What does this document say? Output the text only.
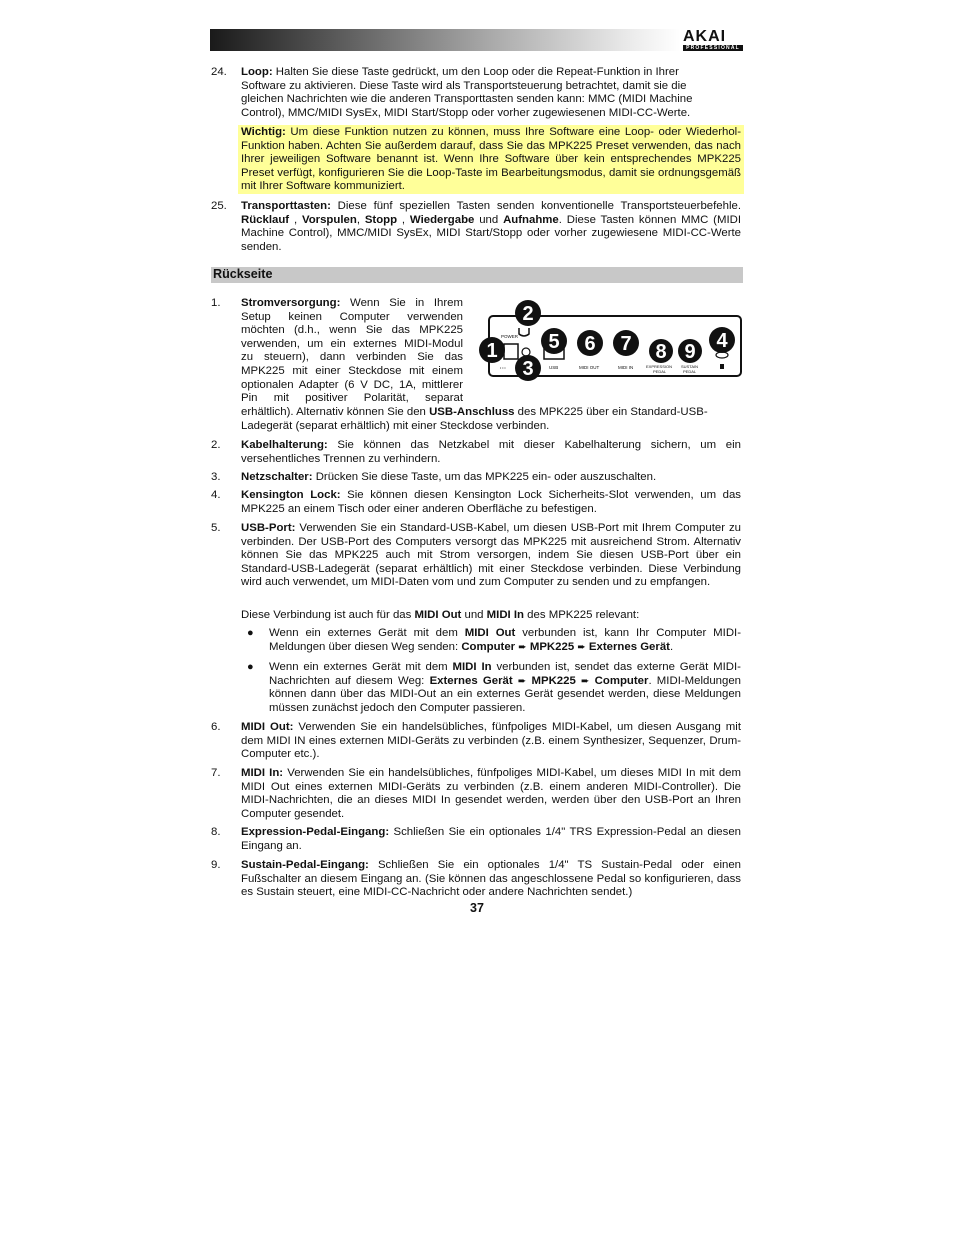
AKAI
PROFESSIONAL
24.	Loop: Halten Sie diese Taste gedrückt, um den Loop oder die Repeat-Funktion in Ihrer
Software zu aktivieren. Diese Taste wird als Transportsteuerung betrachtet, damit sie die
gleichen Nachrichten wie die anderen Transporttasten senden kann: MMC (MIDI Machine
Control), MMC/MIDI SysEx, MIDI Start/Stopp oder vorher zugewiesenen MIDI-CC-Werte.
Wichtig: Um diese Funktion nutzen zu können, muss Ihre Software eine Loop- oder Wiederhol-Funktion haben. Achten Sie außerdem darauf, dass Sie das MPK225 Preset verwenden, das nach Ihrer jeweiligen Software benannt ist. Wenn Ihre Software über kein entsprechendes MPK225 Preset verfügt, konfigurieren Sie die Loop-Taste im Bearbeitungsmodus, damit sie ordnungsgemäß mit Ihrer Software kommuniziert.
25.	Transporttasten: Diese fünf speziellen Tasten senden konventionelle Transportsteuerbefehle. Rücklauf , Vorspulen, Stopp , Wiedergabe und Aufnahme. Diese Tasten können MMC (MIDI Machine Control), MMC/MIDI SysEx, MIDI Start/Stopp oder vorher zugewiesene MIDI-CC-Werte senden.
Rückseite
POWER
• • •	USB	MIDI OUT	MIDI IN	EXPRESSION
PEDAL
SUSTAIN
PEDAL
1
2
3
4
5 6 7 8 9
1.	Stromversorgung: Wenn Sie in Ihrem
Setup keinen Computer verwenden
möchten (d.h., wenn Sie das MPK225
verwenden, um ein externes MIDI-Modul
zu steuern), dann verbinden Sie das
MPK225 mit einer Steckdose mit einem
optionalen Adapter (6 V DC, 1A, mittlerer
Pin mit positiver Polarität, separat
erhältlich). Alternativ können Sie den USB-Anschluss des MPK225 über ein Standard-USB-
Ladegerät (separat erhältlich) mit einer Steckdose verbinden.
2.	Kabelhalterung: Sie können das Netzkabel mit dieser Kabelhalterung sichern, um ein versehentliches Trennen zu verhindern.
3.	Netzschalter: Drücken Sie diese Taste, um das MPK225 ein- oder auszuschalten.
4.	Kensington Lock: Sie können diesen Kensington Lock Sicherheits-Slot verwenden, um das MPK225 an einem Tisch oder einer anderen Oberfläche zu befestigen.
5.	USB-Port: Verwenden Sie ein Standard-USB-Kabel, um diesen USB-Port mit Ihrem Computer zu verbinden. Der USB-Port des Computers versorgt das MPK225 mit ausreichend Strom. Alternativ können Sie das MPK225 auch mit Strom versorgen, indem Sie diesen USB-Port über ein Standard-USB-Ladegerät (separat erhältlich) mit einer Steckdose verbinden. Diese Verbindung wird auch verwendet, um MIDI-Daten vom und zum Computer zu senden und zu empfangen.
Diese Verbindung ist auch für das MIDI Out und MIDI In des MPK225 relevant:
● Wenn ein externes Gerät mit dem MIDI Out verbunden ist, kann Ihr Computer MIDI-Meldungen über diesen Weg senden: Computer ➨ MPK225 ➨ Externes Gerät.
● Wenn ein externes Gerät mit dem MIDI In verbunden ist, sendet das externe Gerät MIDI-Nachrichten auf diesem Weg: Externes Gerät ➨ MPK225 ➨ Computer. MIDI-Meldungen können dann über das MIDI-Out an ein externes Gerät gesendet werden, diese Meldungen müssen zunächst jedoch den Computer passieren.
6.	MIDI Out: Verwenden Sie ein handelsübliches, fünfpoliges MIDI-Kabel, um diesen Ausgang mit dem MIDI IN eines externen MIDI-Geräts zu verbinden (z.B. einem Synthesizer, Sequenzer, Drum-Computer etc.).
7.	MIDI In: Verwenden Sie ein handelsübliches, fünfpoliges MIDI-Kabel, um dieses MIDI In mit dem MIDI Out eines externen MIDI-Geräts zu verbinden (z.B. einem anderen MIDI-Controller). Die MIDI-Nachrichten, die an dieses MIDI In gesendet werden, werden über den USB-Port an Ihren Computer gesendet.
8.	Expression-Pedal-Eingang: Schließen Sie ein optionales 1/4" TRS Expression-Pedal an diesen Eingang an.
9.	Sustain-Pedal-Eingang: Schließen Sie ein optionales 1/4" TS Sustain-Pedal oder einen Fußschalter an diesem Eingang an. (Sie können das angeschlossene Pedal so konfigurieren, dass es Sustain steuert, eine MIDI-CC-Nachricht oder andere Nachrichten sendet.)
37
